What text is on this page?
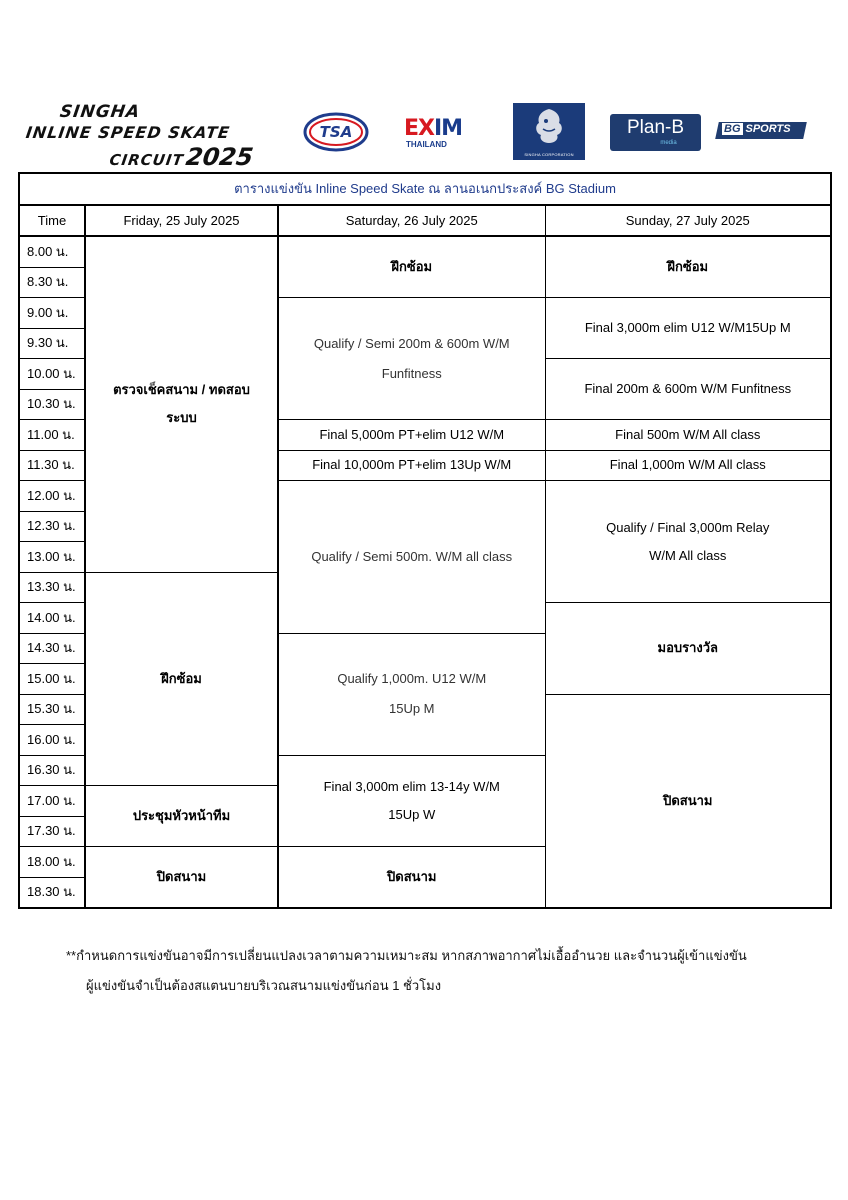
SINGHA
INLINE SPEED SKATE
CIRCUIT2025
TSA EXIM
THAILAND
SINGHA CORPORATION
Plan-B
media
BG SPORTS
ตารางแข่งขัน Inline Speed Skate ณ ลานอเนกประสงค์ BG Stadium			
Time	Friday, 25 July 2025	Saturday, 26 July 2025	Sunday, 27 July 2025
8.00 น.	ตรวจเช็คสนาม / ทดสอบระบบ	ฝึกซ้อม	ฝึกซ้อม
8.30 น.			
9.00 น.		Qualify / Semi 200m & 600m W/M Funfitness	Final 3,000m elim U12 W/M15Up M
9.30 น.			
10.00 น.			Final 200m & 600m W/M Funfitness
10.30 น.			
11.00 น.		Final 5,000m PT+elim U12 W/M	Final 500m W/M All class
11.30 น.		Final 10,000m PT+elim 13Up W/M	Final 1,000m W/M All class
12.00 น.		Qualify / Semi 500m. W/M all class	Qualify / Final 3,000m Relay W/M All class

12.30 น.			
13.00 น.			
13.30 น.	ฝึกซ้อม		
14.00 น.			มอบรางวัล
14.30 น.		Qualify 1,000m. U12 W/M 15Up M	

15.00 น.			
15.30 น.			ปิดสนาม
16.00 น.			
16.30 น.		Final 3,000m elim 13-14y W/M 15Up W	

17.00 น.	ประชุมหัวหน้าทีม		
17.30 น.			
18.00 น.	ปิดสนาม	ปิดสนาม	
18.30 น.			
**กำหนดการแข่งขันอาจมีการเปลี่ยนแปลงเวลาตามความเหมาะสม หากสภาพอากาศไม่เอื้ออำนวย และจำนวนผู้เข้าแข่งขัน
ผู้แข่งขันจำเป็นต้องสแตนบายบริเวณสนามแข่งขันก่อน 1 ชั่วโมง
